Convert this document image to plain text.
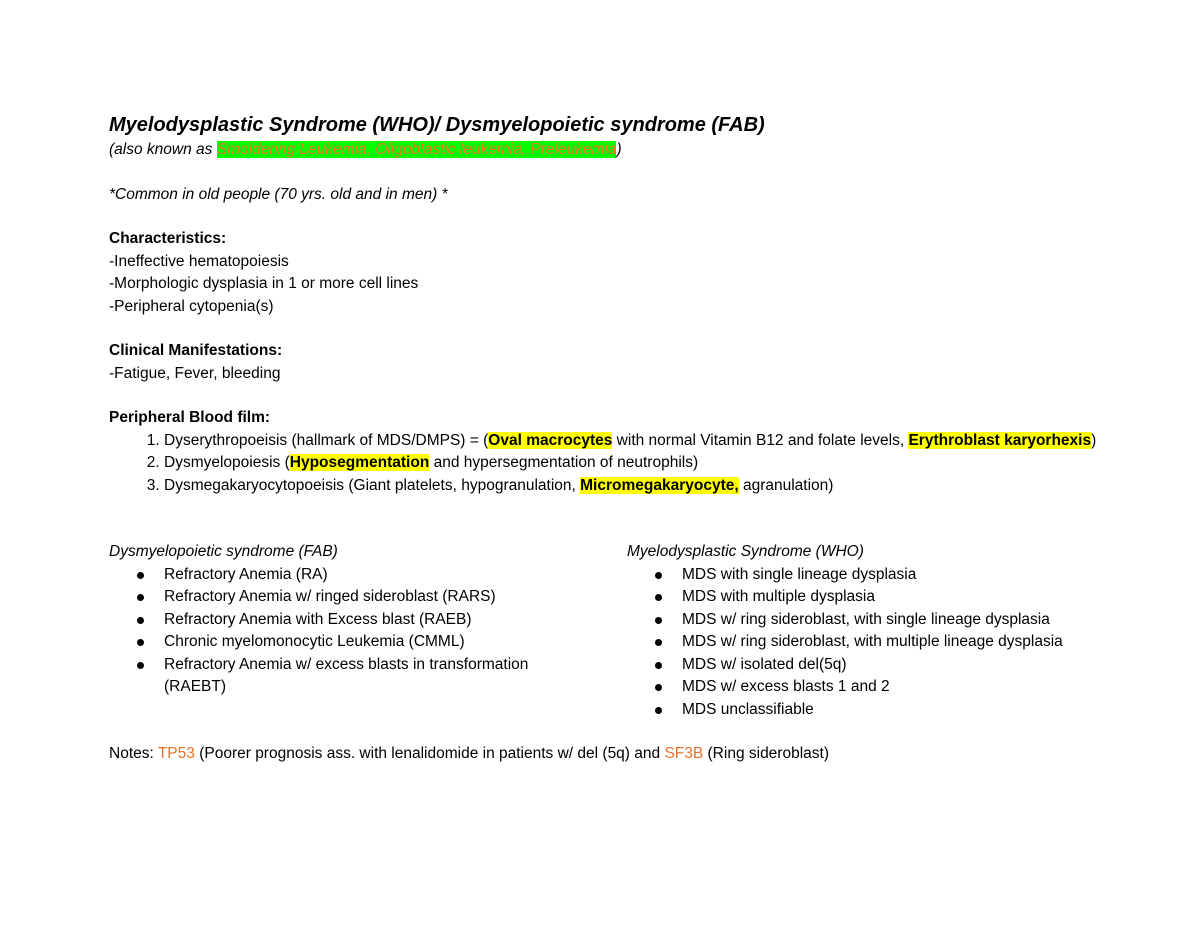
Myelodysplastic Syndrome (WHO)/ Dysmyelopoietic syndrome (FAB)

(also known as Smoldering Leukemia, Oligoblastic leukemia, Preleukemia)

*Common in old people (70 yrs. old and in men) *

Characteristics:

-Ineffective hematopoiesis

-Morphologic dysplasia in 1 or more cell lines

-Peripheral cytopenia(s)

Clinical Manifestations:

-Fatigue, Fever, bleeding

Peripheral Blood film:

1. Dyserythropoeisis (hallmark of MDS/DMPS) = (Oval macrocytes with normal Vitamin B12 and folate levels, Erythroblast karyorhexis)
2. Dysmyelopoiesis (Hyposegmentation and hypersegmentation of neutrophils)
3. Dysmegakaryocytopoeisis (Giant platelets, hypogranulation, Micromegakaryocyte, agranulation)

Dysmyelopoietic syndrome (FAB)

Refractory Anemia (RA)
Refractory Anemia w/ ringed sideroblast (RARS)
Refractory Anemia with Excess blast (RAEB)
Chronic myelomonocytic Leukemia (CMML)
Refractory Anemia w/ excess blasts in transformation (RAEBT)

Myelodysplastic Syndrome (WHO)

MDS with single lineage dysplasia
MDS with multiple dysplasia
MDS w/ ring sideroblast, with single lineage dysplasia
MDS w/ ring sideroblast, with multiple lineage dysplasia
MDS w/ isolated del(5q)
MDS w/ excess blasts 1 and 2
MDS unclassifiable

Notes: TP53 (Poorer prognosis ass. with lenalidomide in patients w/ del (5q) and SF3B (Ring sideroblast)
